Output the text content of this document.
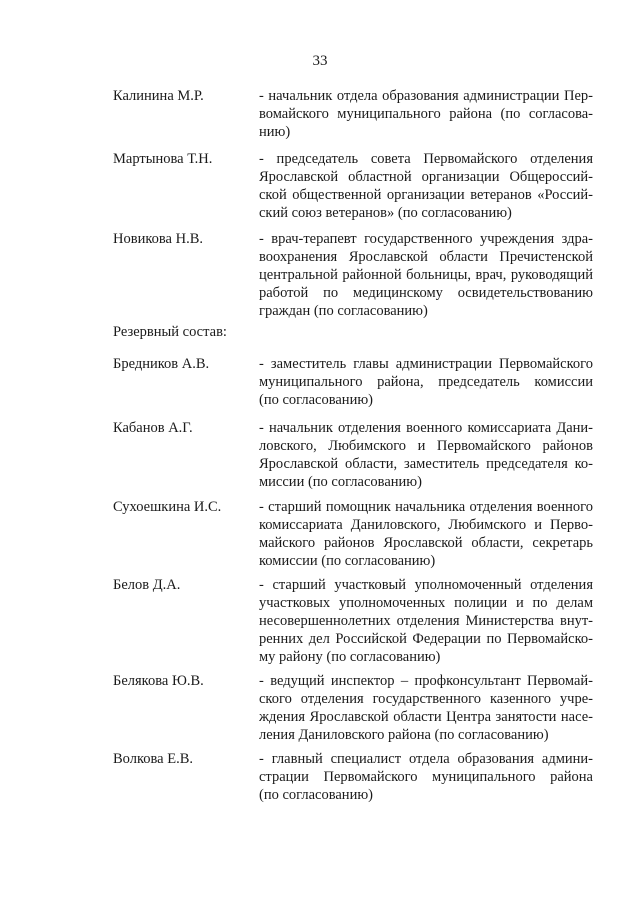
33
Калинина М.Р.	- начальник отдела образования администрации Пер-
вомайского муниципального района (по согласова-
нию)
Мартынова Т.Н.	- председатель совета Первомайского отделения
Ярославской областной организации Общероссий-
ской общественной организации ветеранов «Россий-
ский союз ветеранов» (по согласованию)
Новикова Н.В.	- врач-терапевт государственного учреждения здра-
воохранения Ярославской области Пречистенской
центральной районной больницы, врач, руководящий
работой по медицинскому освидетельствованию
граждан (по согласованию)
Резервный состав:
Бредников А.В.	- заместитель главы администрации Первомайского
муниципального района, председатель комиссии
(по согласованию)
Кабанов А.Г.	- начальник отделения военного комиссариата Дани-
ловского, Любимского и Первомайского районов
Ярославской области, заместитель председателя ко-
миссии (по согласованию)
Сухоешкина И.С.	- старший помощник начальника отделения военного
комиссариата Даниловского, Любимского и Перво-
майского районов Ярославской области, секретарь
комиссии (по согласованию)
Белов Д.А.	- старший участковый уполномоченный отделения
участковых уполномоченных полиции и по делам
несовершеннолетних отделения Министерства внут-
ренних дел Российской Федерации по Первомайско-
му району (по согласованию)
Белякова Ю.В.	- ведущий инспектор – профконсультант Первомай-
ского отделения государственного казенного учре-
ждения Ярославской области Центра занятости насе-
ления Даниловского района (по согласованию)
Волкова Е.В.	- главный специалист отдела образования админи-
страции Первомайского муниципального района
(по согласованию)
